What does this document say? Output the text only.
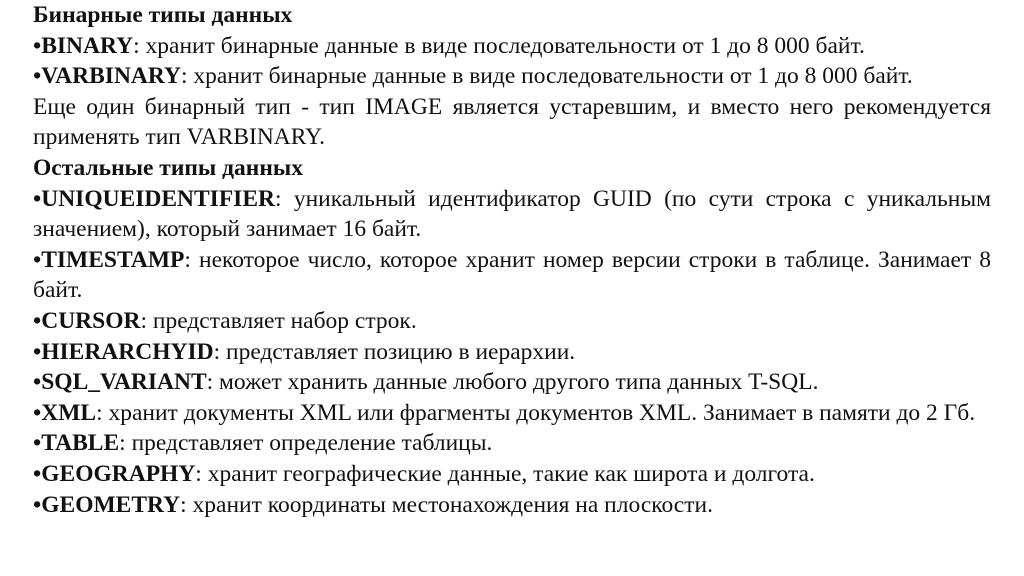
Бинарные типы данных

•BINARY: хранит бинарные данные в виде последовательности от 1 до 8 000 байт.

•VARBINARY: хранит бинарные данные в виде последовательности от 1 до 8 000 байт.

Еще один бинарный тип - тип IMAGE является устаревшим, и вместо него рекомендуется применять тип VARBINARY.

Остальные типы данных

•UNIQUEIDENTIFIER: уникальный идентификатор GUID (по сути строка с уникальным значением), который занимает 16 байт.

•TIMESTAMP: некоторое число, которое хранит номер версии строки в таблице. Занимает 8 байт.

•CURSOR: представляет набор строк.

•HIERARCHYID: представляет позицию в иерархии.

•SQL_VARIANT: может хранить данные любого другого типа данных T-SQL.

•XML: хранит документы XML или фрагменты документов XML. Занимает в памяти до 2 Гб.

•TABLE: представляет определение таблицы.

•GEOGRAPHY: хранит географические данные, такие как широта и долгота.

•GEOMETRY: хранит координаты местонахождения на плоскости.
